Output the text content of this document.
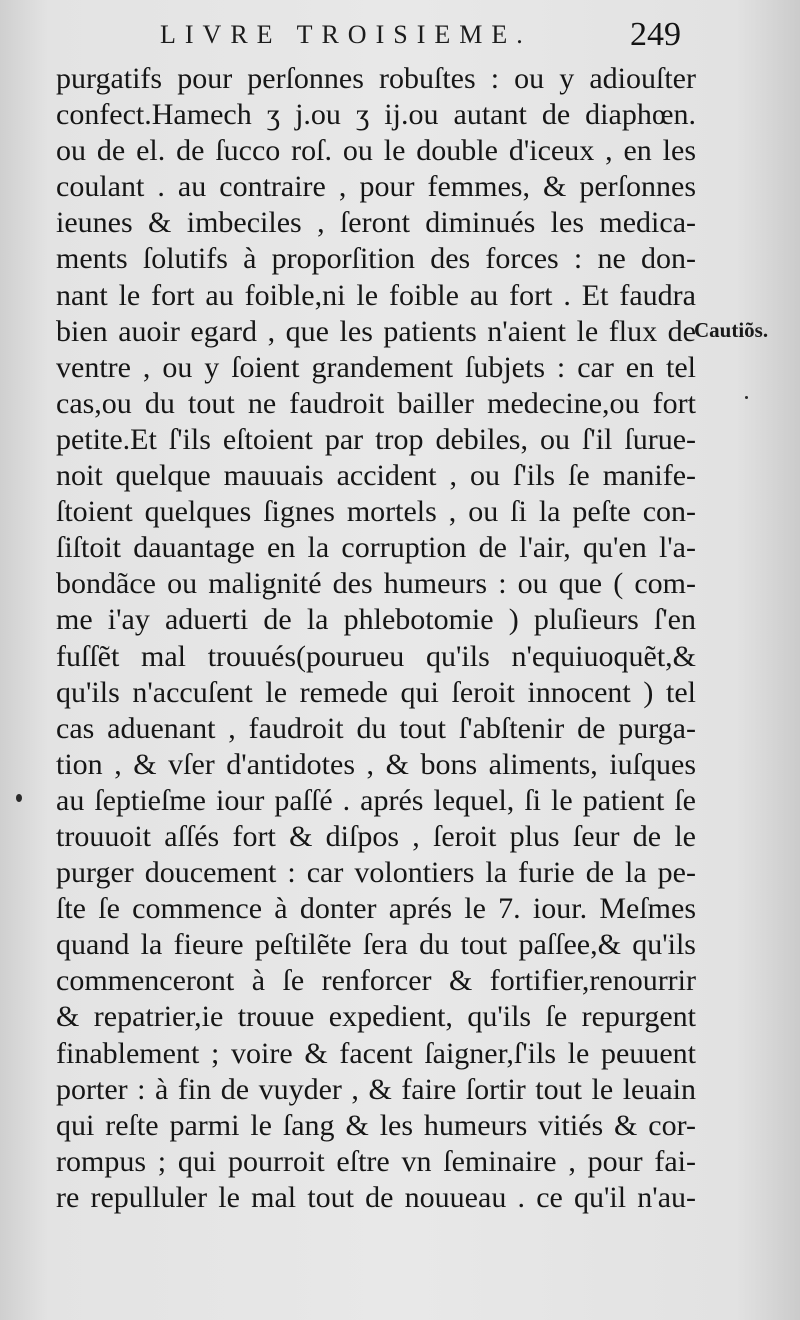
LIVRE TROISIEME.	249
purgatifs pour perſonnes robuſtes : ou y adiouſter
confect.Hamech ʒ j.ou ʒ ij.ou autant de diaphœn.
ou de el. de ſucco roſ. ou le double d'iceux , en les
coulant . au contraire , pour femmes, & perſonnes
ieunes & imbeciles , ſeront diminués les medica-
ments ſolutifs à proporſition des forces : ne don-
nant le fort au foible,ni le foible au fort . Et faudra
bien auoir egard , que les patients n'aient le flux de
ventre , ou y ſoient grandement ſubjets : car en tel
cas,ou du tout ne faudroit bailler medecine,ou fort
petite.Et ſ'ils eſtoient par trop debiles, ou ſ'il ſurue-
noit quelque mauuais accident , ou ſ'ils ſe manife-
ſtoient quelques ſignes mortels , ou ſi la peſte con-
ſiſtoit dauantage en la corruption de l'air, qu'en l'a-
bondãce ou malignité des humeurs : ou que ( com-
me i'ay aduerti de la phlebotomie ) pluſieurs ſ'en
fuſſẽt mal trouués(pourueu qu'ils n'equiuoquẽt,&
qu'ils n'accuſent le remede qui ſeroit innocent ) tel
cas aduenant , faudroit du tout ſ'abſtenir de purga-
tion , & vſer d'antidotes , & bons aliments, iuſques
au ſeptieſme iour paſſé . aprés lequel, ſi le patient ſe
trouuoit aſſés fort & diſpos , ſeroit plus ſeur de le
purger doucement : car volontiers la furie de la pe-
ſte ſe commence à donter aprés le 7. iour. Meſmes
quand la fieure peſtilẽte ſera du tout paſſee,& qu'ils
commenceront à ſe renforcer & fortifier,renourrir
& repatrier,ie trouue expedient, qu'ils ſe repurgent
finablement ; voire & facent ſaigner,ſ'ils le peuuent
porter : à fin de vuyder , & faire ſortir tout le leuain
qui reſte parmi le ſang & les humeurs vitiés & cor-
rompus ; qui pourroit eſtre vn ſeminaire , pour fai-
re repulluler le mal tout de nouueau . ce qu'il n'au-
Cautiõs.
